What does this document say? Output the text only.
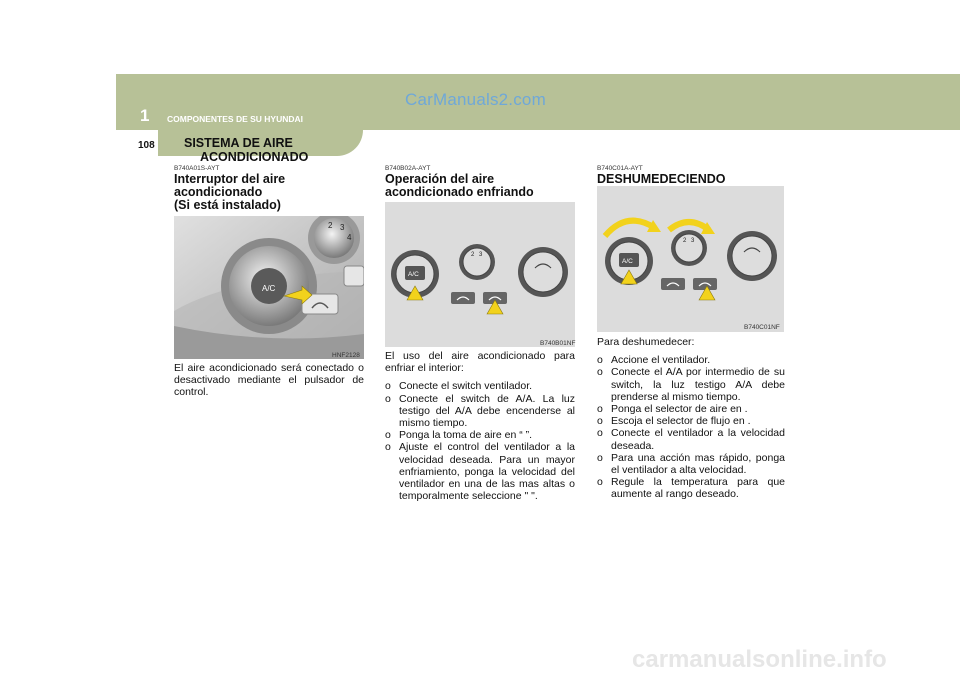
CarManuals2.com
1 COMPONENTES DE SU HYUNDAI
108 SISTEMA DE AIRE
ACONDICIONADO
B740A01S-AYT
Interruptor del aire
acondicionado
(Si está instalado)
A/C
2 3
4
HNF2128

El aire acondicionado será conectado o desactivado mediante el pulsador de control.

B740B02A-AYT
Operación del aire
acondicionado enfriando
A/C
2 3
B740B01NF

El uso del aire acondicionado para enfriar el interior:

o Conecte el switch ventilador.
o Conecte el switch de A/A. La luz testigo del A/A debe encenderse al mismo tiempo.
o Ponga la toma de aire en “ ”.
o Ajuste el control del ventilador a la velocidad deseada. Para un mayor enfriamiento, ponga la velocidad del ventilador en una de las mas altas o temporalmente seleccione " ".
B740C01A-AYT
DESHUMEDECIENDO
A/C
2 3
B740C01NF

Para deshumedecer:

o Accione el ventilador.
o Conecte el A/A por intermedio de su switch, la luz testigo A/A debe prenderse al mismo tiempo.
o Ponga el selector de aire en .
o Escoja el selector de flujo en .
o Conecte el ventilador a la velocidad deseada.
o Para una acción mas rápido, ponga el ventilador a alta velocidad.
o Regule la temperatura para que aumente al rango deseado.
carmanualsonline.info
